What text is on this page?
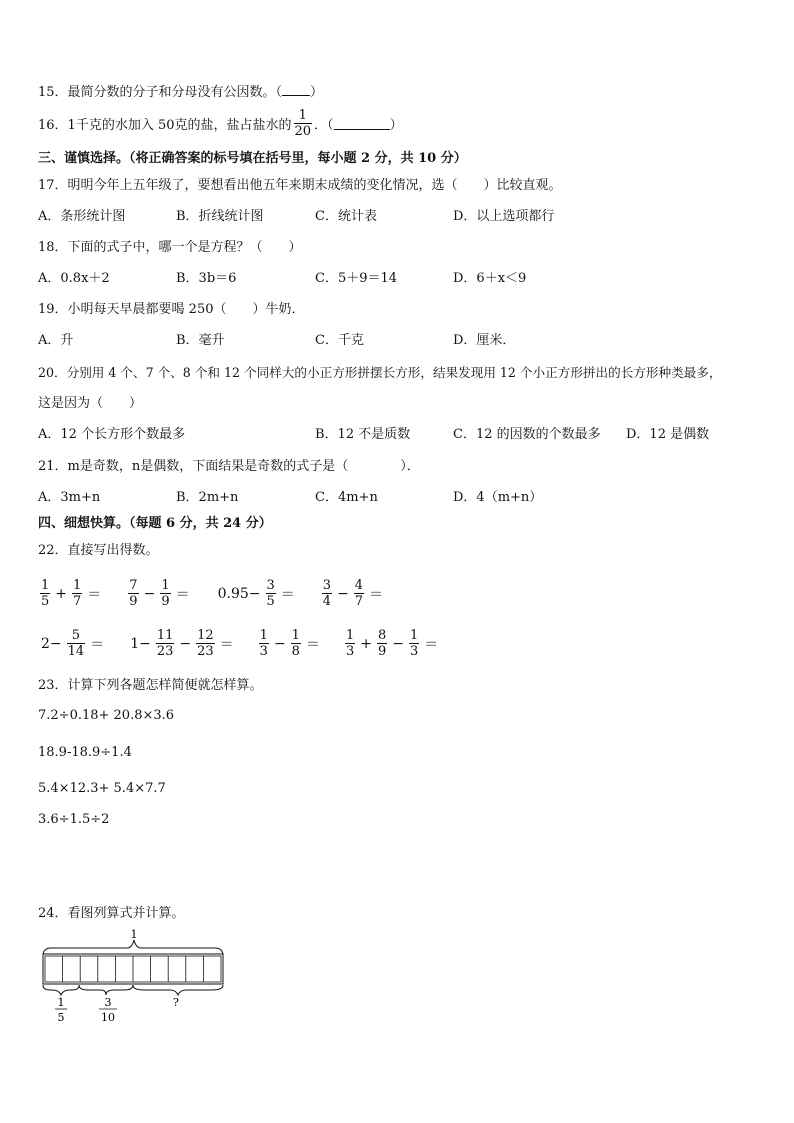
15．最简分数的分子和分母没有公因数。（ ）
16．1千克的水加入 50克的盐，盐占盐水的 $\frac{1}{20}$ ．（	）
三、谨慎选择。（将正确答案的标号填在括号里，每小题 2 分，共 10 分）
17．明明今年上五年级了，要想看出他五年来期末成绩的变化情况，选（　　）比较直观。
A．条形统计图	B．折线统计图	C．统计表	D．以上选项都行
18．下面的式子中，哪一个是方程？（　　）
A．0.8x＋2	B．3b＝6	C．5＋9＝14	D．6＋x＜9
19．小明每天早晨都要喝 250（　　）牛奶．
A．升	B．毫升	C．千克	D．厘米．
20．分别用 4 个、7 个、8 个和 12 个同样大的小正方形拼摆长方形，结果发现用 12 个小正方形拼出的长方形种类最多，
这是因为（　　）
A．12 个长方形个数最多	B．12 不是质数	C．12 的因数的个数最多 D．12 是偶数
21．m是奇数，n是偶数，下面结果是奇数的式子是（　　　　）．
A．3m+n	B．2m+n	C．4m+n	D．4（m+n）
四、细想快算。（每题 6 分，共 24 分）
22．直接写出得数。
$\frac{1}{5} + \frac{1}{7} = \frac{7}{9} - \frac{1}{9} = 0.95- \frac{3}{5} = \frac{3}{4} - \frac{4}{7}$ ＝
$2- \frac{5}{14} = 1- \frac{11}{23} - \frac{12}{23} = \frac{1}{3} - \frac{1}{8} = \frac{1}{3} + \frac{8}{9} - \frac{1}{3}$ ＝
23．计算下列各题怎样简便就怎样算。
7.2÷0.18+ 20.8×3.6
18.9-18.9÷1.4
5.4×12.3+ 5.4×7.7
3.6÷1.5÷2
24．看图列算式并计算。
1
1
5
3
10
?
